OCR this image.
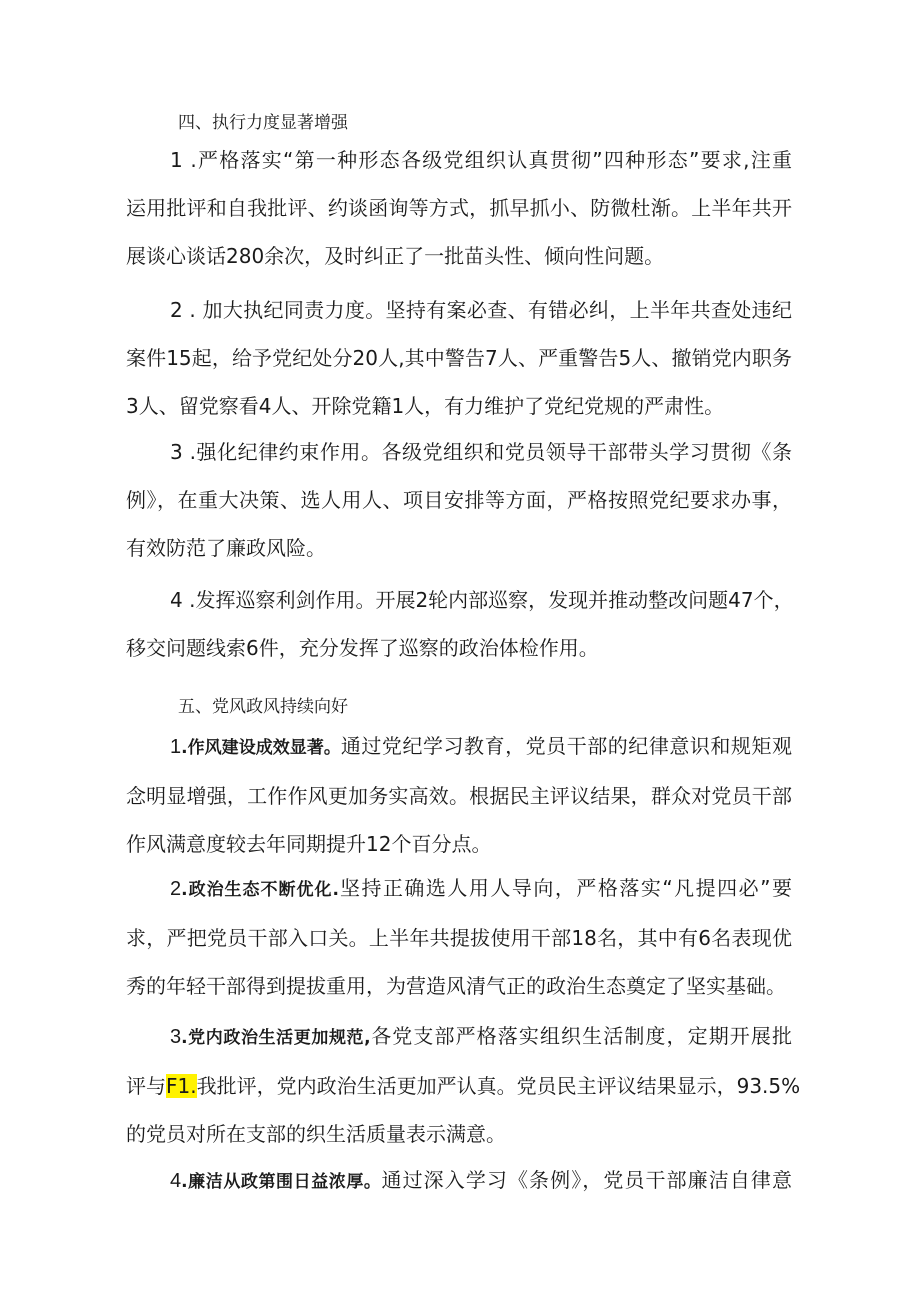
四、执行力度显著增强
1 .严格落实“第一种形态各级党组织认真贯彻”四种形态”要求,注重
运用批评和自我批评、约谈函询等方式，抓早抓小、防微杜渐。上半年共开
展谈心谈话280余次，及时纠正了一批苗头性、倾向性问题。
2 . 加大执纪同责力度。坚持有案必查、有错必纠，上半年共查处违纪
案件15起，给予党纪处分20人,其中警告7人、严重警告5人、撤销党内职务
3人、留党察看4人、开除党籍1人，有力维护了党纪党规的严肃性。
3 .强化纪律约束作用。各级党组织和党员领导干部带头学习贯彻《条
例》，在重大决策、选人用人、项目安排等方面，严格按照党纪要求办事，
有效防范了廉政风险。
4 .发挥巡察利剑作用。开展2轮内部巡察，发现并推动整改问题47个，
移交问题线索6件，充分发挥了巡察的政治体检作用。
五、党风政风持续向好
1.作风建设成效显著。通过党纪学习教育，党员干部的纪律意识和规矩观
念明显增强，工作作风更加务实高效。根据民主评议结果，群众对党员干部
作风满意度较去年同期提升12个百分点。
2.政治生态不断优化.坚持正确选人用人导向，严格落实“凡提四必”要
求，严把党员干部入口关。上半年共提拔使用干部18名，其中有6名表现优
秀的年轻干部得到提拔重用，为营造风清气正的政治生态奠定了坚实基础。
3.党内政治生活更加规范,各党支部严格落实组织生活制度，定期开展批
评与F1.我批评，党内政治生活更加严认真。党员民主评议结果显示，93.5%
的党员对所在支部的织生活质量表示满意。
4.廉洁从政第围日益浓厚。通过深入学习《条例》，党员干部廉洁自律意
